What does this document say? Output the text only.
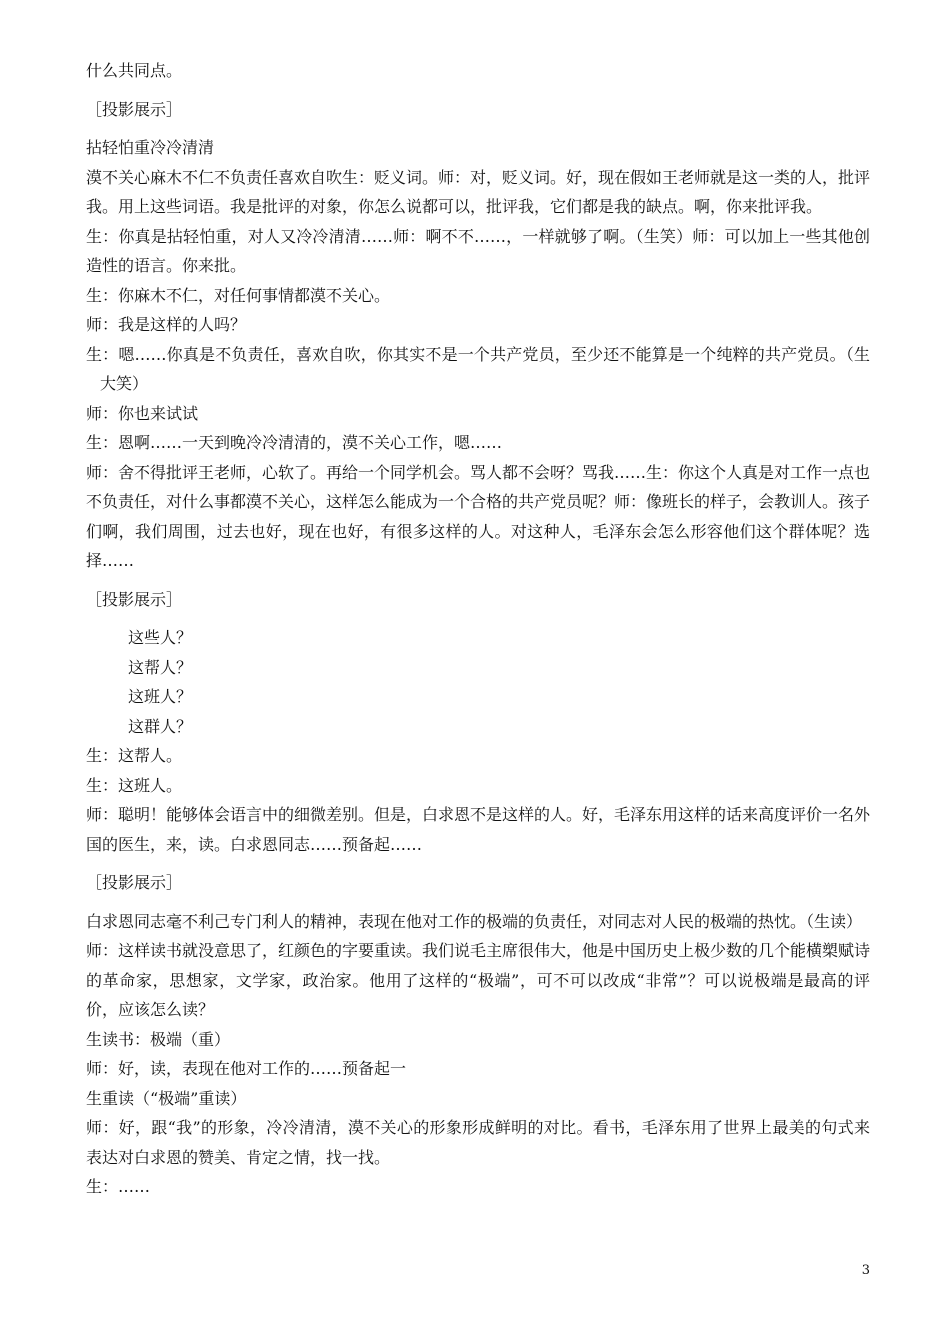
什么共同点。

［投影展示］

拈轻怕重冷冷清清

漠不关心麻木不仁不负责任喜欢自吹生：贬义词。师：对，贬义词。好，现在假如王老师就是这一类的人，批评我。用上这些词语。我是批评的对象，你怎么说都可以，批评我，它们都是我的缺点。啊，你来批评我。

生：你真是拈轻怕重，对人又冷冷清清……师：啊不不……，一样就够了啊。（生笑）师：可以加上一些其他创造性的语言。你来批。

生：你麻木不仁，对任何事情都漠不关心。

师：我是这样的人吗？

生：嗯……你真是不负责任，喜欢自吹，你其实不是一个共产党员，至少还不能算是一个纯粹的共产党员。（生大笑）

师：你也来试试

生：恩啊……一天到晚冷冷清清的，漠不关心工作，嗯……

师：舍不得批评王老师，心软了。再给一个同学机会。骂人都不会呀？骂我……生：你这个人真是对工作一点也不负责任，对什么事都漠不关心，这样怎么能成为一个合格的共产党员呢？师：像班长的样子，会教训人。孩子们啊，我们周围，过去也好，现在也好，有很多这样的人。对这种人，毛泽东会怎么形容他们这个群体呢？选择……

［投影展示］

这些人？

这帮人？

这班人？

这群人？

生：这帮人。

生：这班人。

师：聪明！能够体会语言中的细微差别。但是，白求恩不是这样的人。好，毛泽东用这样的话来高度评价一名外国的医生，来，读。白求恩同志……预备起……

［投影展示］

白求恩同志毫不利己专门利人的精神，表现在他对工作的极端的负责任，对同志对人民的极端的热忱。（生读）

师：这样读书就没意思了，红颜色的字要重读。我们说毛主席很伟大，他是中国历史上极少数的几个能横槊赋诗的革命家，思想家，文学家，政治家。他用了这样的“极端”，可不可以改成“非常”？可以说极端是最高的评价，应该怎么读？

生读书：极端（重）

师：好，读，表现在他对工作的……预备起一

生重读（“极端”重读）

师：好，跟“我”的形象，冷冷清清，漠不关心的形象形成鲜明的对比。看书，毛泽东用了世界上最美的句式来表达对白求恩的赞美、肯定之情，找一找。

生：……

3
